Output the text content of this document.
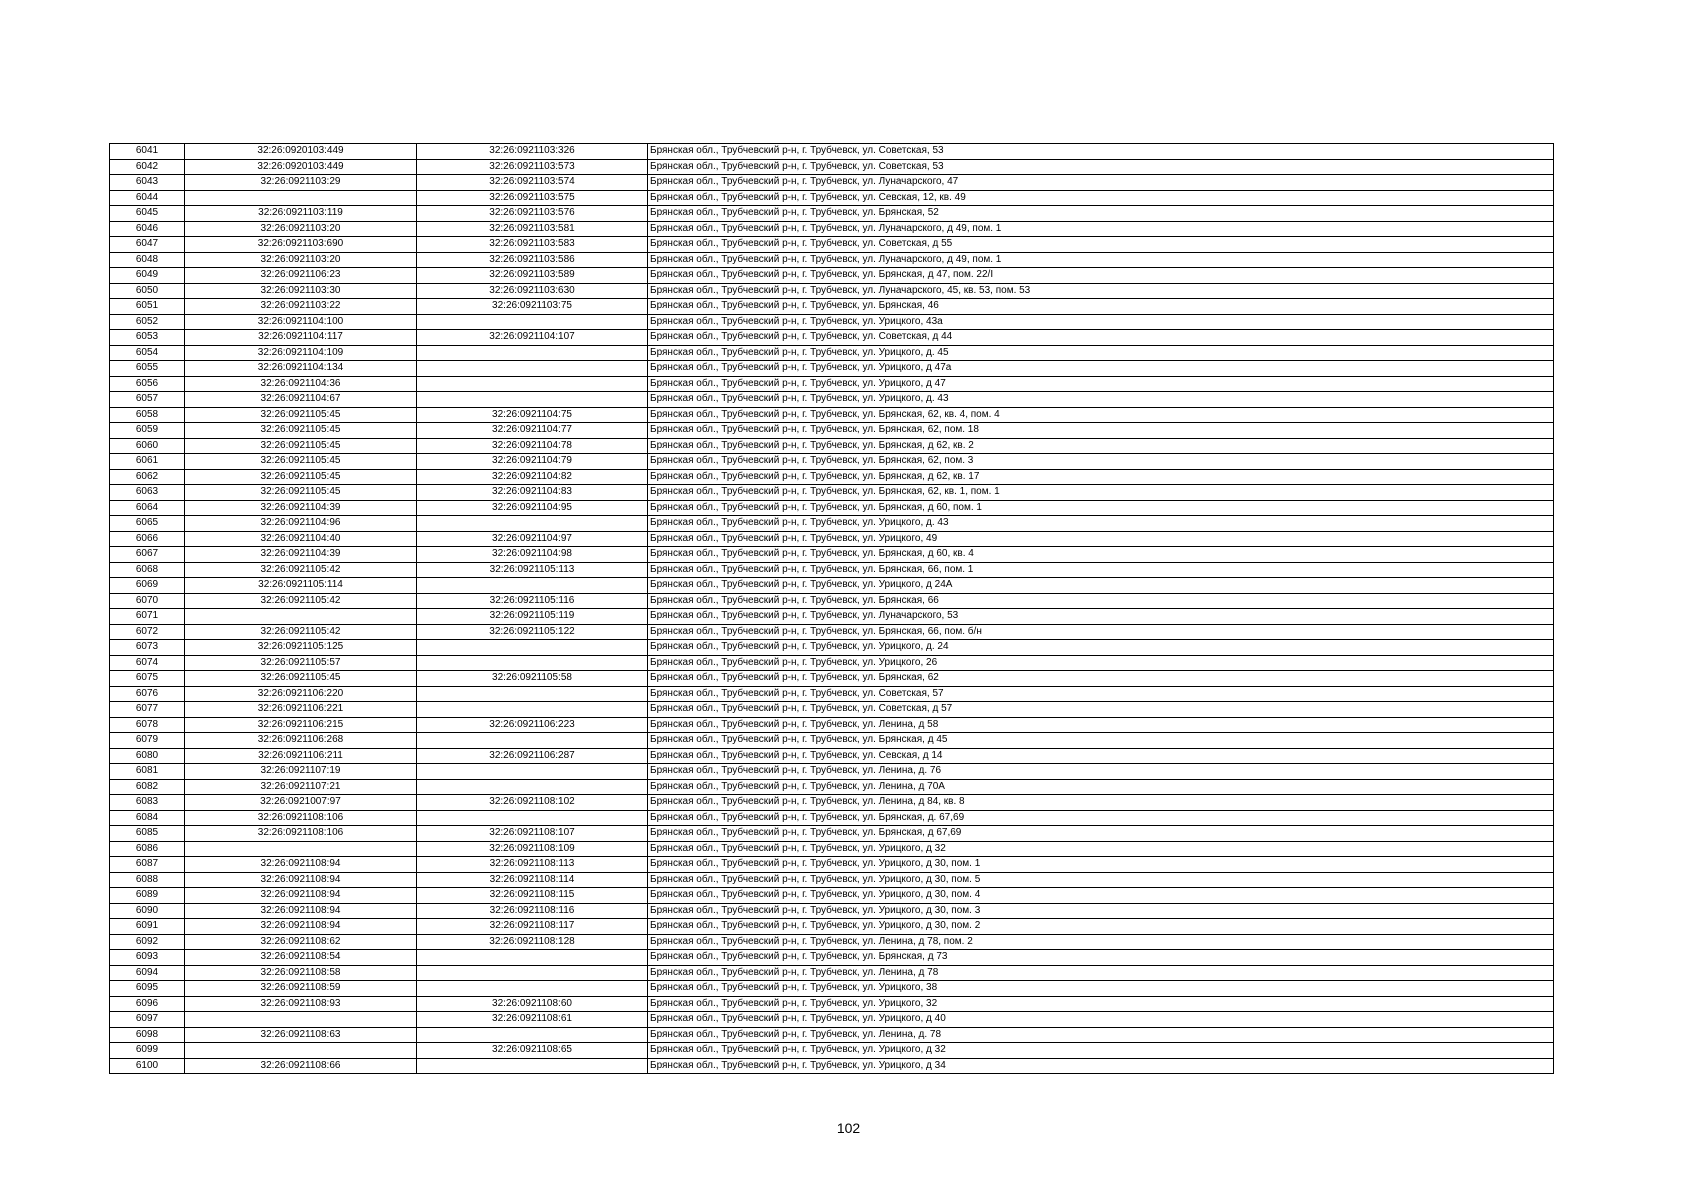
6041	32:26:0920103:449	32:26:0921103:326	Брянская обл., Трубчевский р-н, г. Трубчевск, ул. Советская, 53
6042	32:26:0920103:449	32:26:0921103:573	Брянская обл., Трубчевский р-н, г. Трубчевск, ул. Советская, 53
6043	32:26:0921103:29	32:26:0921103:574	Брянская обл., Трубчевский р-н, г. Трубчевск, ул. Луначарского, 47
6044		32:26:0921103:575	Брянская обл., Трубчевский р-н, г. Трубчевск, ул. Севская, 12, кв. 49
6045	32:26:0921103:119	32:26:0921103:576	Брянская обл., Трубчевский р-н, г. Трубчевск, ул. Брянская, 52
6046	32:26:0921103:20	32:26:0921103:581	Брянская обл., Трубчевский р-н, г. Трубчевск, ул. Луначарского, д 49, пом. 1
6047	32:26:0921103:690	32:26:0921103:583	Брянская обл., Трубчевский р-н, г. Трубчевск, ул. Советская, д 55
6048	32:26:0921103:20	32:26:0921103:586	Брянская обл., Трубчевский р-н, г. Трубчевск, ул. Луначарского, д 49, пом. 1
6049	32:26:0921106:23	32:26:0921103:589	Брянская обл., Трубчевский р-н, г. Трубчевск, ул. Брянская, д 47, пом. 22/I
6050	32:26:0921103:30	32:26:0921103:630	Брянская обл., Трубчевский р-н, г. Трубчевск, ул. Луначарского, 45, кв. 53, пом. 53
6051	32:26:0921103:22	32:26:0921103:75	Брянская обл., Трубчевский р-н, г. Трубчевск, ул. Брянская, 46
6052	32:26:0921104:100		Брянская обл., Трубчевский р-н, г. Трубчевск, ул. Урицкого, 43а
6053	32:26:0921104:117	32:26:0921104:107	Брянская обл., Трубчевский р-н, г. Трубчевск, ул. Советская, д 44
6054	32:26:0921104:109		Брянская обл., Трубчевский р-н, г. Трубчевск, ул. Урицкого, д. 45
6055	32:26:0921104:134		Брянская обл., Трубчевский р-н, г. Трубчевск, ул. Урицкого, д 47а
6056	32:26:0921104:36		Брянская обл., Трубчевский р-н, г. Трубчевск, ул. Урицкого, д 47
6057	32:26:0921104:67		Брянская обл., Трубчевский р-н, г. Трубчевск, ул. Урицкого, д. 43
6058	32:26:0921105:45	32:26:0921104:75	Брянская обл., Трубчевский р-н, г. Трубчевск, ул. Брянская, 62, кв. 4, пом. 4
6059	32:26:0921105:45	32:26:0921104:77	Брянская обл., Трубчевский р-н, г. Трубчевск, ул. Брянская, 62, пом. 18
6060	32:26:0921105:45	32:26:0921104:78	Брянская обл., Трубчевский р-н, г. Трубчевск, ул. Брянская, д 62, кв. 2
6061	32:26:0921105:45	32:26:0921104:79	Брянская обл., Трубчевский р-н, г. Трубчевск, ул. Брянская, 62, пом. 3
6062	32:26:0921105:45	32:26:0921104:82	Брянская обл., Трубчевский р-н, г. Трубчевск, ул. Брянская, д 62, кв. 17
6063	32:26:0921105:45	32:26:0921104:83	Брянская обл., Трубчевский р-н, г. Трубчевск, ул. Брянская, 62, кв. 1, пом. 1
6064	32:26:0921104:39	32:26:0921104:95	Брянская обл., Трубчевский р-н, г. Трубчевск, ул. Брянская, д 60, пом. 1
6065	32:26:0921104:96		Брянская обл., Трубчевский р-н, г. Трубчевск, ул. Урицкого, д. 43
6066	32:26:0921104:40	32:26:0921104:97	Брянская обл., Трубчевский р-н, г. Трубчевск, ул. Урицкого, 49
6067	32:26:0921104:39	32:26:0921104:98	Брянская обл., Трубчевский р-н, г. Трубчевск, ул. Брянская, д 60, кв. 4
6068	32:26:0921105:42	32:26:0921105:113	Брянская обл., Трубчевский р-н, г. Трубчевск, ул. Брянская, 66, пом. 1
6069	32:26:0921105:114		Брянская обл., Трубчевский р-н, г. Трубчевск, ул. Урицкого, д 24А
6070	32:26:0921105:42	32:26:0921105:116	Брянская обл., Трубчевский р-н, г. Трубчевск, ул. Брянская, 66
6071		32:26:0921105:119	Брянская обл., Трубчевский р-н, г. Трубчевск, ул. Луначарского, 53
6072	32:26:0921105:42	32:26:0921105:122	Брянская обл., Трубчевский р-н, г. Трубчевск, ул. Брянская, 66, пом. б/н
6073	32:26:0921105:125		Брянская обл., Трубчевский р-н, г. Трубчевск, ул. Урицкого, д. 24
6074	32:26:0921105:57		Брянская обл., Трубчевский р-н, г. Трубчевск, ул. Урицкого, 26
6075	32:26:0921105:45	32:26:0921105:58	Брянская обл., Трубчевский р-н, г. Трубчевск, ул. Брянская, 62
6076	32:26:0921106:220		Брянская обл., Трубчевский р-н, г. Трубчевск, ул. Советская, 57
6077	32:26:0921106:221		Брянская обл., Трубчевский р-н, г. Трубчевск, ул. Советская, д 57
6078	32:26:0921106:215	32:26:0921106:223	Брянская обл., Трубчевский р-н, г. Трубчевск, ул. Ленина, д 58
6079	32:26:0921106:268		Брянская обл., Трубчевский р-н, г. Трубчевск, ул. Брянская, д 45
6080	32:26:0921106:211	32:26:0921106:287	Брянская обл., Трубчевский р-н, г. Трубчевск, ул. Севская, д 14
6081	32:26:0921107:19		Брянская обл., Трубчевский р-н, г. Трубчевск, ул. Ленина, д. 76
6082	32:26:0921107:21		Брянская обл., Трубчевский р-н, г. Трубчевск, ул. Ленина, д 70А
6083	32:26:0921007:97	32:26:0921108:102	Брянская обл., Трубчевский р-н, г. Трубчевск, ул. Ленина, д 84, кв. 8
6084	32:26:0921108:106		Брянская обл., Трубчевский р-н, г. Трубчевск, ул. Брянская, д. 67,69
6085	32:26:0921108:106	32:26:0921108:107	Брянская обл., Трубчевский р-н, г. Трубчевск, ул. Брянская, д 67,69
6086		32:26:0921108:109	Брянская обл., Трубчевский р-н, г. Трубчевск, ул. Урицкого, д 32
6087	32:26:0921108:94	32:26:0921108:113	Брянская обл., Трубчевский р-н, г. Трубчевск, ул. Урицкого, д 30, пом. 1
6088	32:26:0921108:94	32:26:0921108:114	Брянская обл., Трубчевский р-н, г. Трубчевск, ул. Урицкого, д 30, пом. 5
6089	32:26:0921108:94	32:26:0921108:115	Брянская обл., Трубчевский р-н, г. Трубчевск, ул. Урицкого, д 30, пом. 4
6090	32:26:0921108:94	32:26:0921108:116	Брянская обл., Трубчевский р-н, г. Трубчевск, ул. Урицкого, д 30, пом. 3
6091	32:26:0921108:94	32:26:0921108:117	Брянская обл., Трубчевский р-н, г. Трубчевск, ул. Урицкого, д 30, пом. 2
6092	32:26:0921108:62	32:26:0921108:128	Брянская обл., Трубчевский р-н, г. Трубчевск, ул. Ленина, д 78, пом. 2
6093	32:26:0921108:54		Брянская обл., Трубчевский р-н, г. Трубчевск, ул. Брянская, д 73
6094	32:26:0921108:58		Брянская обл., Трубчевский р-н, г. Трубчевск, ул. Ленина, д 78
6095	32:26:0921108:59		Брянская обл., Трубчевский р-н, г. Трубчевск, ул. Урицкого, 38
6096	32:26:0921108:93	32:26:0921108:60	Брянская обл., Трубчевский р-н, г. Трубчевск, ул. Урицкого, 32
6097		32:26:0921108:61	Брянская обл., Трубчевский р-н, г. Трубчевск, ул. Урицкого, д 40
6098	32:26:0921108:63		Брянская обл., Трубчевский р-н, г. Трубчевск, ул. Ленина, д. 78
6099		32:26:0921108:65	Брянская обл., Трубчевский р-н, г. Трубчевск, ул. Урицкого, д 32
6100	32:26:0921108:66		Брянская обл., Трубчевский р-н, г. Трубчевск, ул. Урицкого, д 34
102
